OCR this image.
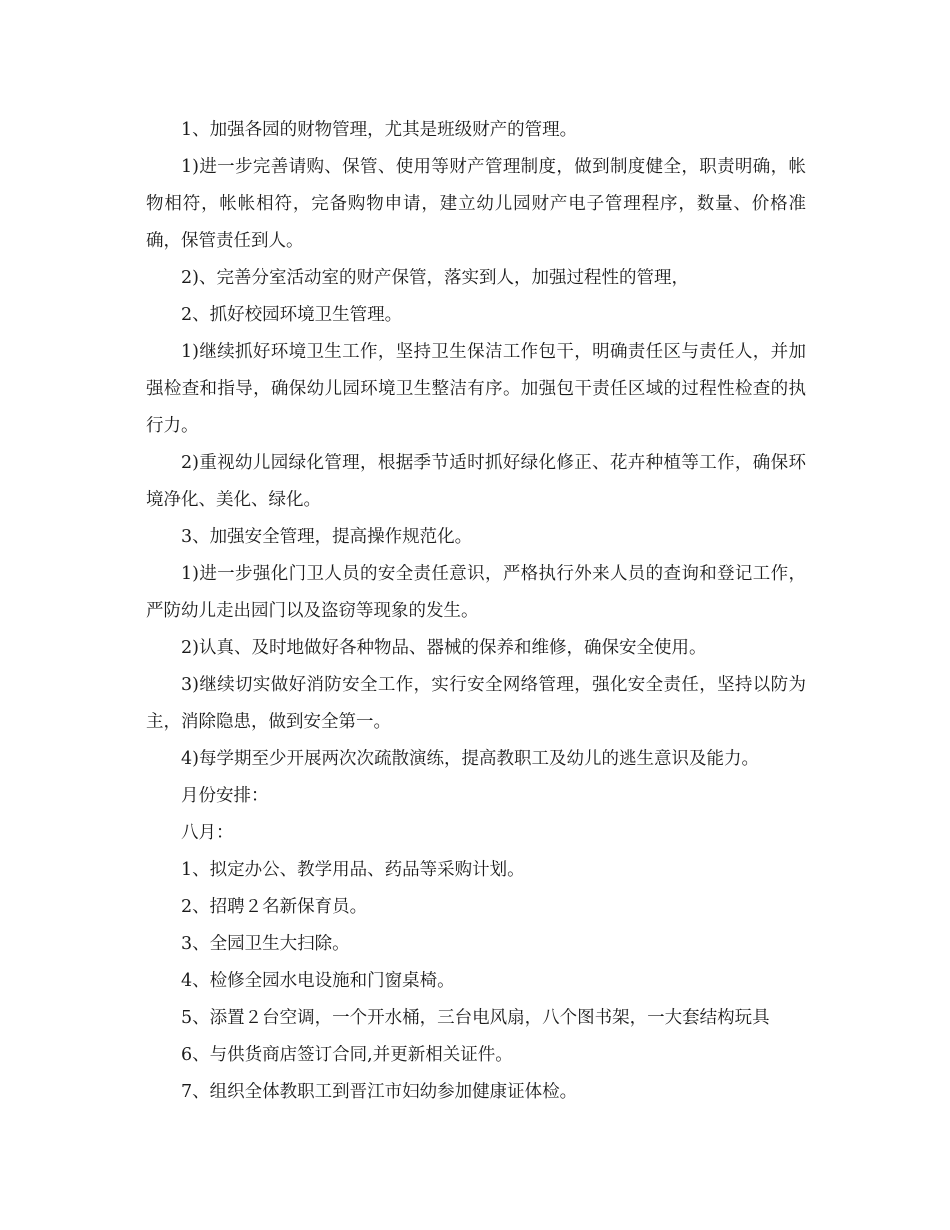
1、加强各园的财物管理，尤其是班级财产的管理。

1)进一步完善请购、保管、使用等财产管理制度，做到制度健全，职责明确，帐物相符，帐帐相符，完备购物申请，建立幼儿园财产电子管理程序，数量、价格准确，保管责任到人。

2)、完善分室活动室的财产保管，落实到人，加强过程性的管理，

2、抓好校园环境卫生管理。

1)继续抓好环境卫生工作，坚持卫生保洁工作包干，明确责任区与责任人，并加强检查和指导，确保幼儿园环境卫生整洁有序。加强包干责任区域的过程性检查的执行力。

2)重视幼儿园绿化管理，根据季节适时抓好绿化修正、花卉种植等工作，确保环境净化、美化、绿化。

3、加强安全管理，提高操作规范化。

1)进一步强化门卫人员的安全责任意识，严格执行外来人员的查询和登记工作，严防幼儿走出园门以及盗窃等现象的发生。

2)认真、及时地做好各种物品、器械的保养和维修，确保安全使用。

3)继续切实做好消防安全工作，实行安全网络管理，强化安全责任，坚持以防为主，消除隐患，做到安全第一。

4)每学期至少开展两次次疏散演练，提高教职工及幼儿的逃生意识及能力。

月份安排：

八月：

1、拟定办公、教学用品、药品等采购计划。

2、招聘２名新保育员。

3、全园卫生大扫除。

4、检修全园水电设施和门窗桌椅。

5、添置２台空调，一个开水桶，三台电风扇，八个图书架，一大套结构玩具

6、与供货商店签订合同,并更新相关证件。

7、组织全体教职工到晋江市妇幼参加健康证体检。
